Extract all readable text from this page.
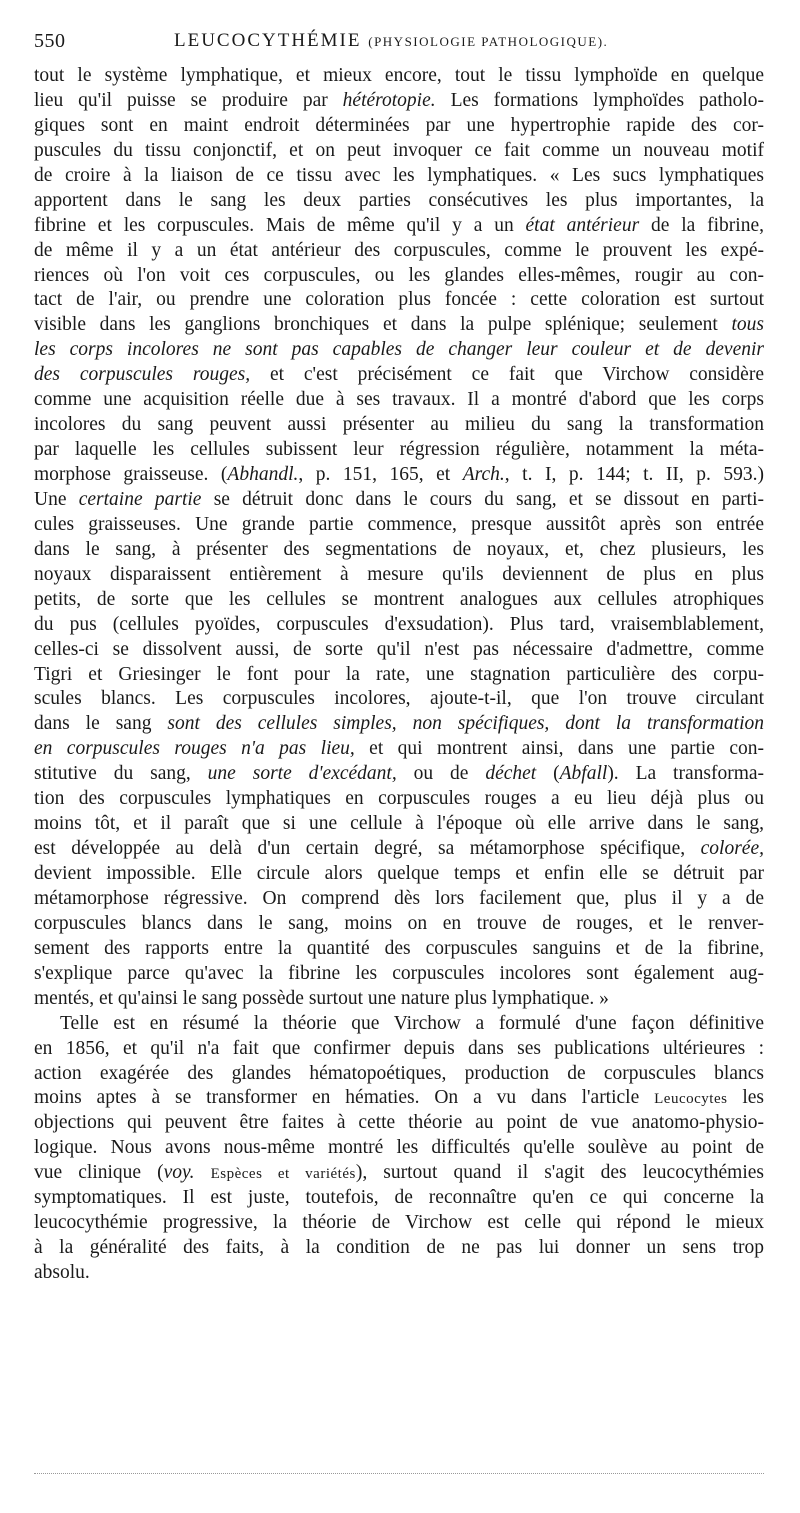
550	LEUCOCYTHÉMIE (PHYSIOLOGIE PATHOLOGIQUE).
tout le système lymphatique, et mieux encore, tout le tissu lymphoïde en quelque
lieu qu'il puisse se produire par hétérotopie. Les formations lymphoïdes patholo-
giques sont en maint endroit déterminées par une hypertrophie rapide des cor-
puscules du tissu conjonctif, et on peut invoquer ce fait comme un nouveau motif
de croire à la liaison de ce tissu avec les lymphatiques. « Les sucs lymphatiques
apportent dans le sang les deux parties consécutives les plus importantes, la
fibrine et les corpuscules. Mais de même qu'il y a un état antérieur de la fibrine,
de même il y a un état antérieur des corpuscules, comme le prouvent les expé-
riences où l'on voit ces corpuscules, ou les glandes elles-mêmes, rougir au con-
tact de l'air, ou prendre une coloration plus foncée : cette coloration est surtout
visible dans les ganglions bronchiques et dans la pulpe splénique; seulement tous
les corps incolores ne sont pas capables de changer leur couleur et de devenir
des corpuscules rouges, et c'est précisément ce fait que Virchow considère
comme une acquisition réelle due à ses travaux. Il a montré d'abord que les corps
incolores du sang peuvent aussi présenter au milieu du sang la transformation
par laquelle les cellules subissent leur régression régulière, notamment la méta-
morphose graisseuse. (Abhandl., p. 151, 165, et Arch., t. I, p. 144; t. II, p. 593.)
Une certaine partie se détruit donc dans le cours du sang, et se dissout en parti-
cules graisseuses. Une grande partie commence, presque aussitôt après son entrée
dans le sang, à présenter des segmentations de noyaux, et, chez plusieurs, les
noyaux disparaissent entièrement à mesure qu'ils deviennent de plus en plus
petits, de sorte que les cellules se montrent analogues aux cellules atrophiques
du pus (cellules pyoïdes, corpuscules d'exsudation). Plus tard, vraisemblablement,
celles-ci se dissolvent aussi, de sorte qu'il n'est pas nécessaire d'admettre, comme
Tigri et Griesinger le font pour la rate, une stagnation particulière des corpu-
scules blancs. Les corpuscules incolores, ajoute-t-il, que l'on trouve circulant
dans le sang sont des cellules simples, non spécifiques, dont la transformation
en corpuscules rouges n'a pas lieu, et qui montrent ainsi, dans une partie con-
stitutive du sang, une sorte d'excédant, ou de déchet (Abfall). La transforma-
tion des corpuscules lymphatiques en corpuscules rouges a eu lieu déjà plus ou
moins tôt, et il paraît que si une cellule à l'époque où elle arrive dans le sang,
est développée au delà d'un certain degré, sa métamorphose spécifique, colorée,
devient impossible. Elle circule alors quelque temps et enfin elle se détruit par
métamorphose régressive. On comprend dès lors facilement que, plus il y a de
corpuscules blancs dans le sang, moins on en trouve de rouges, et le renver-
sement des rapports entre la quantité des corpuscules sanguins et de la fibrine,
s'explique parce qu'avec la fibrine les corpuscules incolores sont également aug-
mentés, et qu'ainsi le sang possède surtout une nature plus lymphatique. »
Telle est en résumé la théorie que Virchow a formulé d'une façon définitive
en 1856, et qu'il n'a fait que confirmer depuis dans ses publications ultérieures :
action exagérée des glandes hématopoétiques, production de corpuscules blancs
moins aptes à se transformer en hématies. On a vu dans l'article Leucocytes les
objections qui peuvent être faites à cette théorie au point de vue anatomo-physio-
logique. Nous avons nous-même montré les difficultés qu'elle soulève au point de
vue clinique (voy. Espèces et variétés), surtout quand il s'agit des leucocythémies
symptomatiques. Il est juste, toutefois, de reconnaître qu'en ce qui concerne la
leucocythémie progressive, la théorie de Virchow est celle qui répond le mieux
à la généralité des faits, à la condition de ne pas lui donner un sens trop
absolu.
